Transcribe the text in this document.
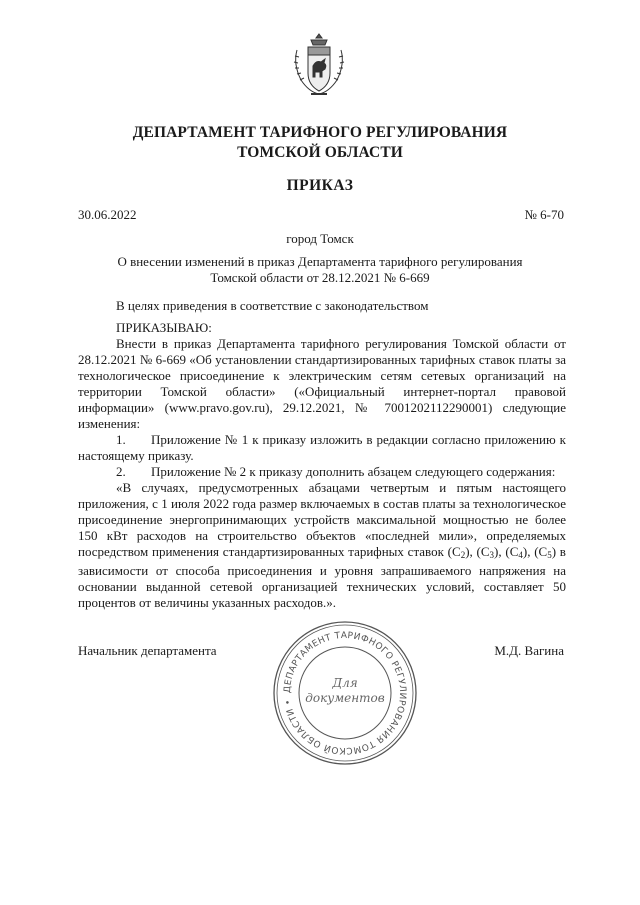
ДЕПАРТАМЕНТ ТАРИФНОГО РЕГУЛИРОВАНИЯ
ТОМСКОЙ ОБЛАСТИ
ПРИКАЗ
30.06.2022	№ 6-70
город Томск
О внесении изменений в приказ Департамента тарифного регулирования
Томской области от 28.12.2021 № 6-669

В целях приведения в соответствие с законодательством

ПРИКАЗЫВАЮ:

Внести в приказ Департамента тарифного регулирования Томской области от 28.12.2021 № 6-669 «Об установлении стандартизированных тарифных ставок платы за технологическое присоединение к электрическим сетям сетевых организаций на территории Томской области» («Официальный интернет-портал правовой информации» (www.pravo.gov.ru), 29.12.2021, № 7001202112290001) следующие изменения:

1. Приложение № 1 к приказу изложить в редакции согласно приложению к настоящему приказу.

2. Приложение № 2 к приказу дополнить абзацем следующего содержания:

«В случаях, предусмотренных абзацами четвертым и пятым настоящего приложения, с 1 июля 2022 года размер включаемых в состав платы за технологическое присоединение энергопринимающих устройств максимальной мощностью не более 150 кВт расходов на строительство объектов «последней мили», определяемых посредством применения стандартизированных тарифных ставок $(С_2)$, $(С_3)$, $(С_4)$, $(С_5)$ в зависимости от способа присоединения и уровня запрашиваемого напряжения на основании выданной сетевой организацией технических условий, составляет 50 процентов от величины указанных расходов.».

Начальник департамента	М.Д. Вагина
ДЕПАРТАМЕНТ ТАРИФНОГО РЕГУЛИРОВАНИЯ ТОМСКОЙ ОБЛАСТИ •
Для
документов
